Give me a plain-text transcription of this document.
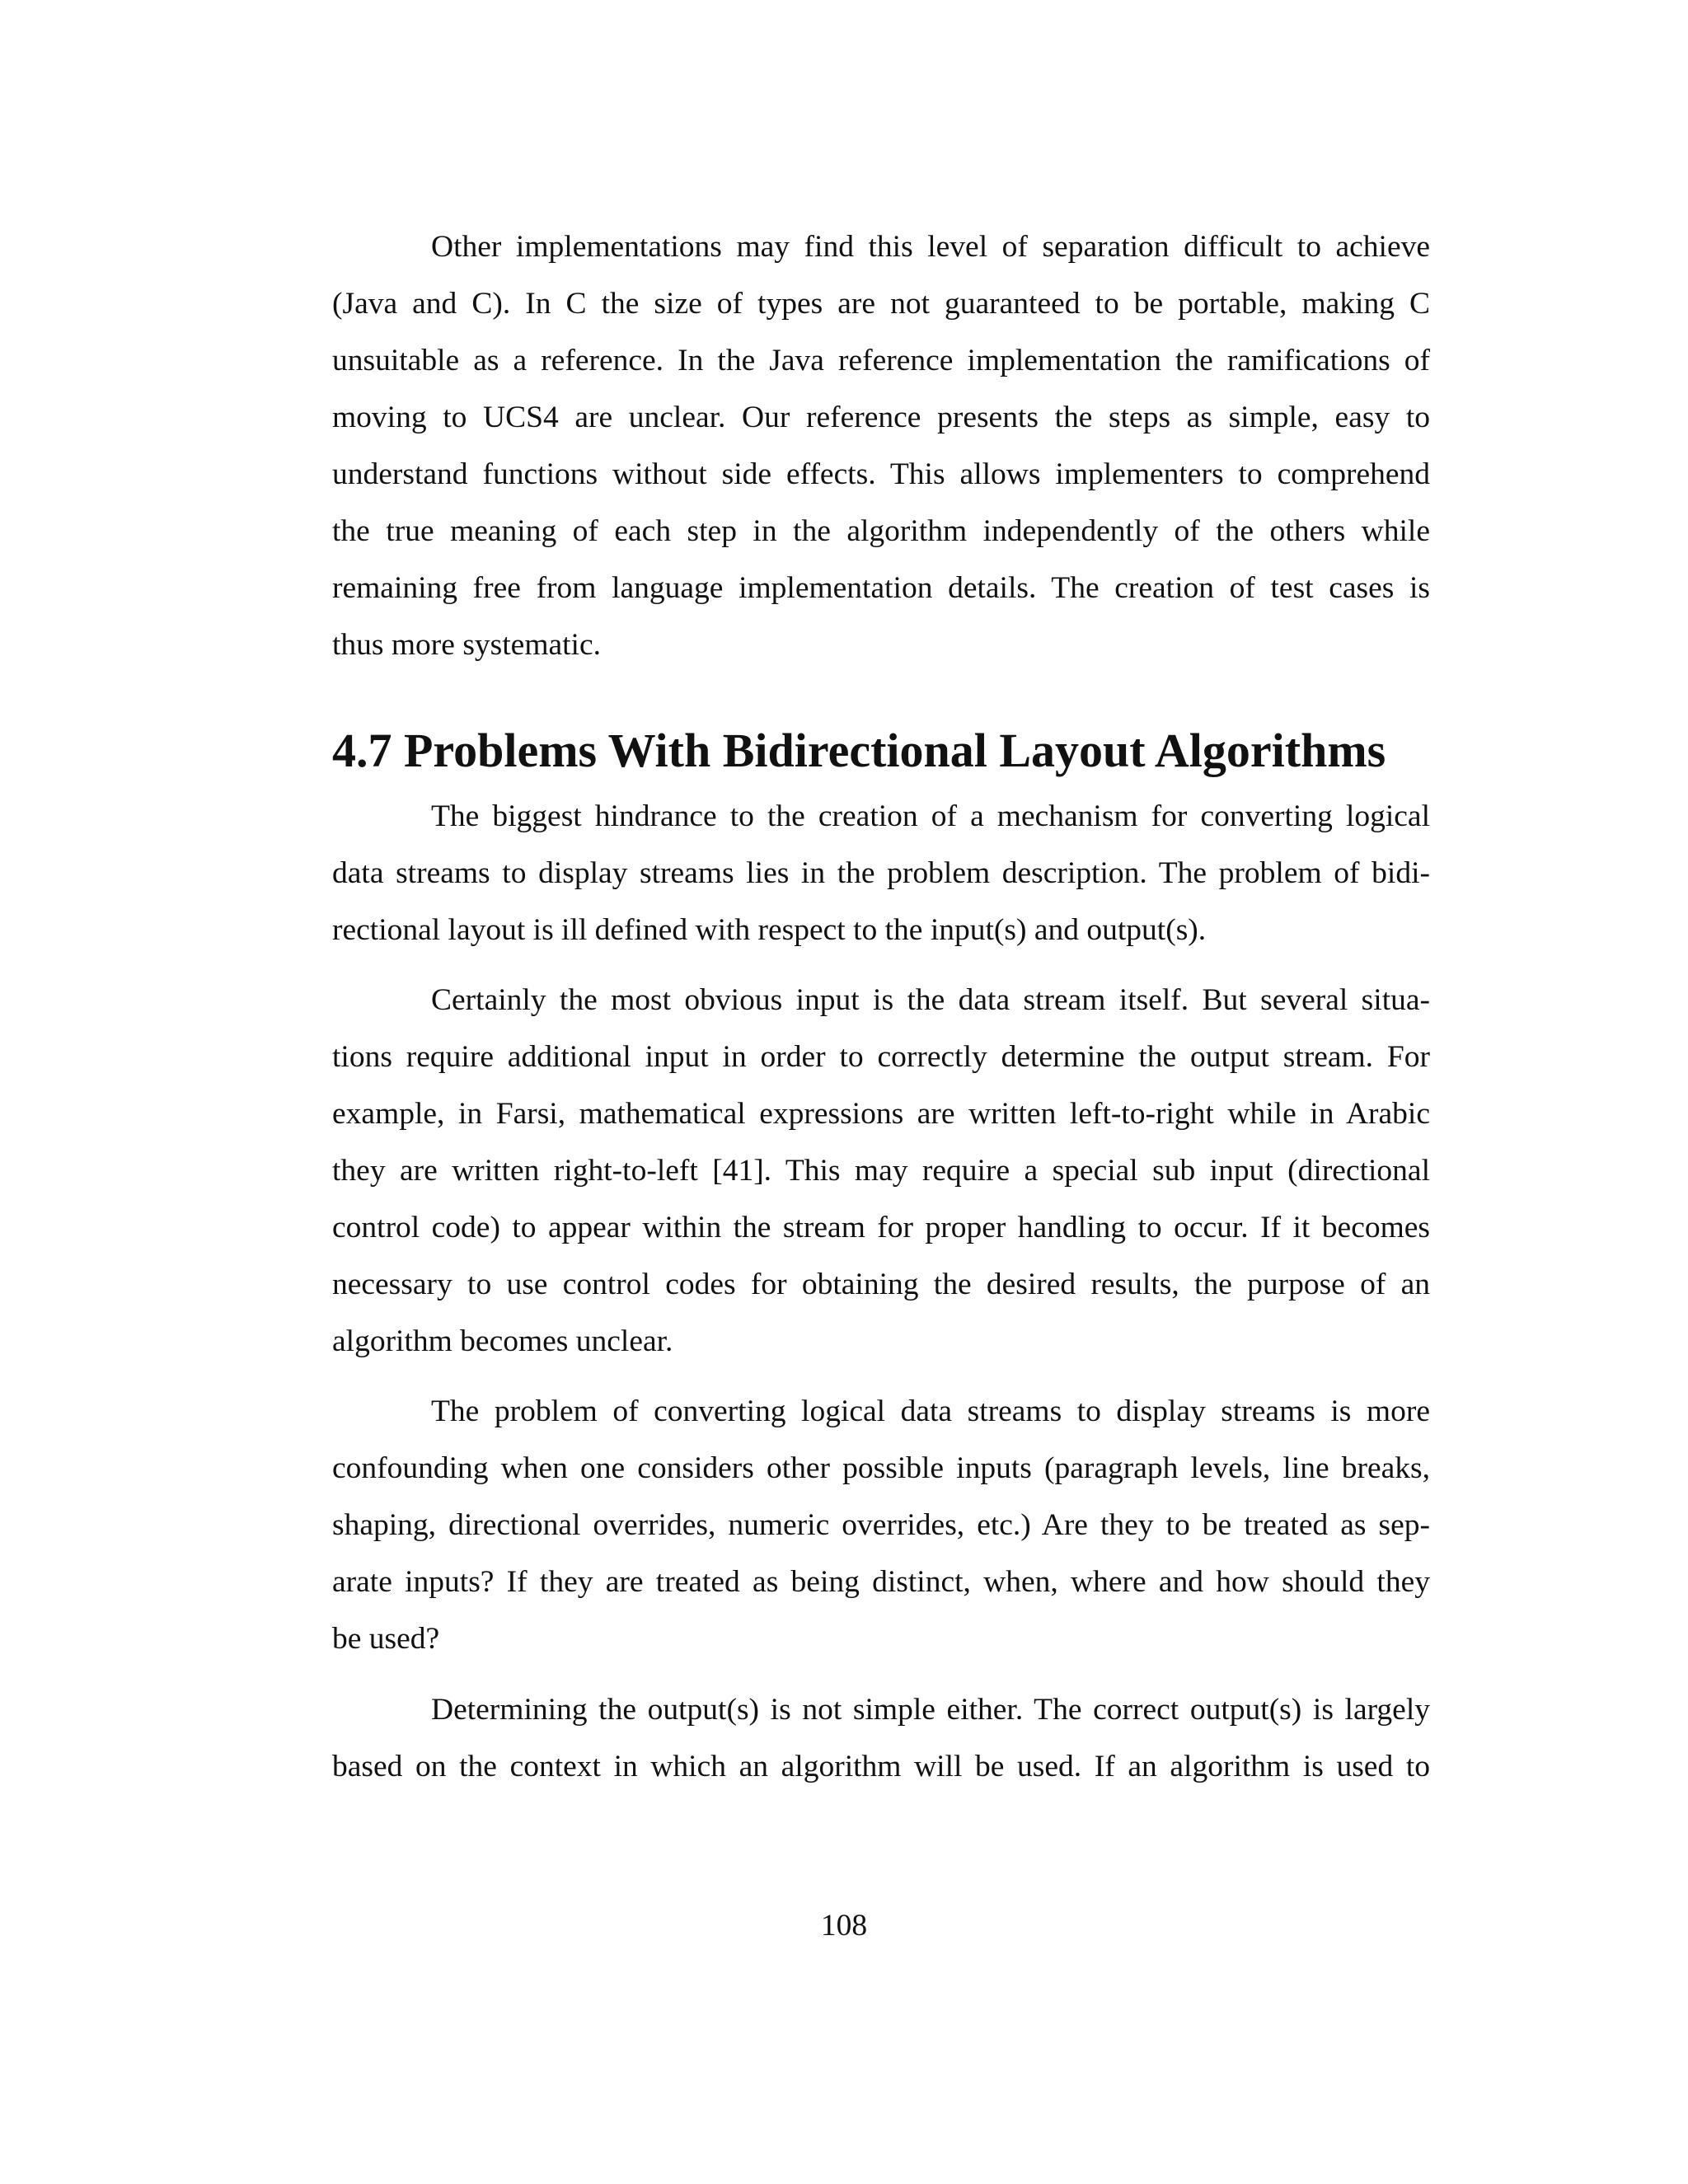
Other implementations may find this level of separation difficult to achieve
(Java and C). In C the size of types are not guaranteed to be portable, making C
unsuitable as a reference. In the Java reference implementation the ramifications of
moving to UCS4 are unclear. Our reference presents the steps as simple, easy to
understand functions without side effects. This allows implementers to comprehend
the true meaning of each step in the algorithm independently of the others while
remaining free from language implementation details. The creation of test cases is
thus more systematic.
4.7 Problems With Bidirectional Layout Algorithms
The biggest hindrance to the creation of a mechanism for converting logical
data streams to display streams lies in the problem description. The problem of bidi-
rectional layout is ill defined with respect to the input(s) and output(s).
Certainly the most obvious input is the data stream itself. But several situa-
tions require additional input in order to correctly determine the output stream. For
example, in Farsi, mathematical expressions are written left-to-right while in Arabic
they are written right-to-left [41]. This may require a special sub input (directional
control code) to appear within the stream for proper handling to occur. If it becomes
necessary to use control codes for obtaining the desired results, the purpose of an
algorithm becomes unclear.
The problem of converting logical data streams to display streams is more
confounding when one considers other possible inputs (paragraph levels, line breaks,
shaping, directional overrides, numeric overrides, etc.) Are they to be treated as sep-
arate inputs? If they are treated as being distinct, when, where and how should they
be used?
Determining the output(s) is not simple either. The correct output(s) is largely
based on the context in which an algorithm will be used. If an algorithm is used to
108
